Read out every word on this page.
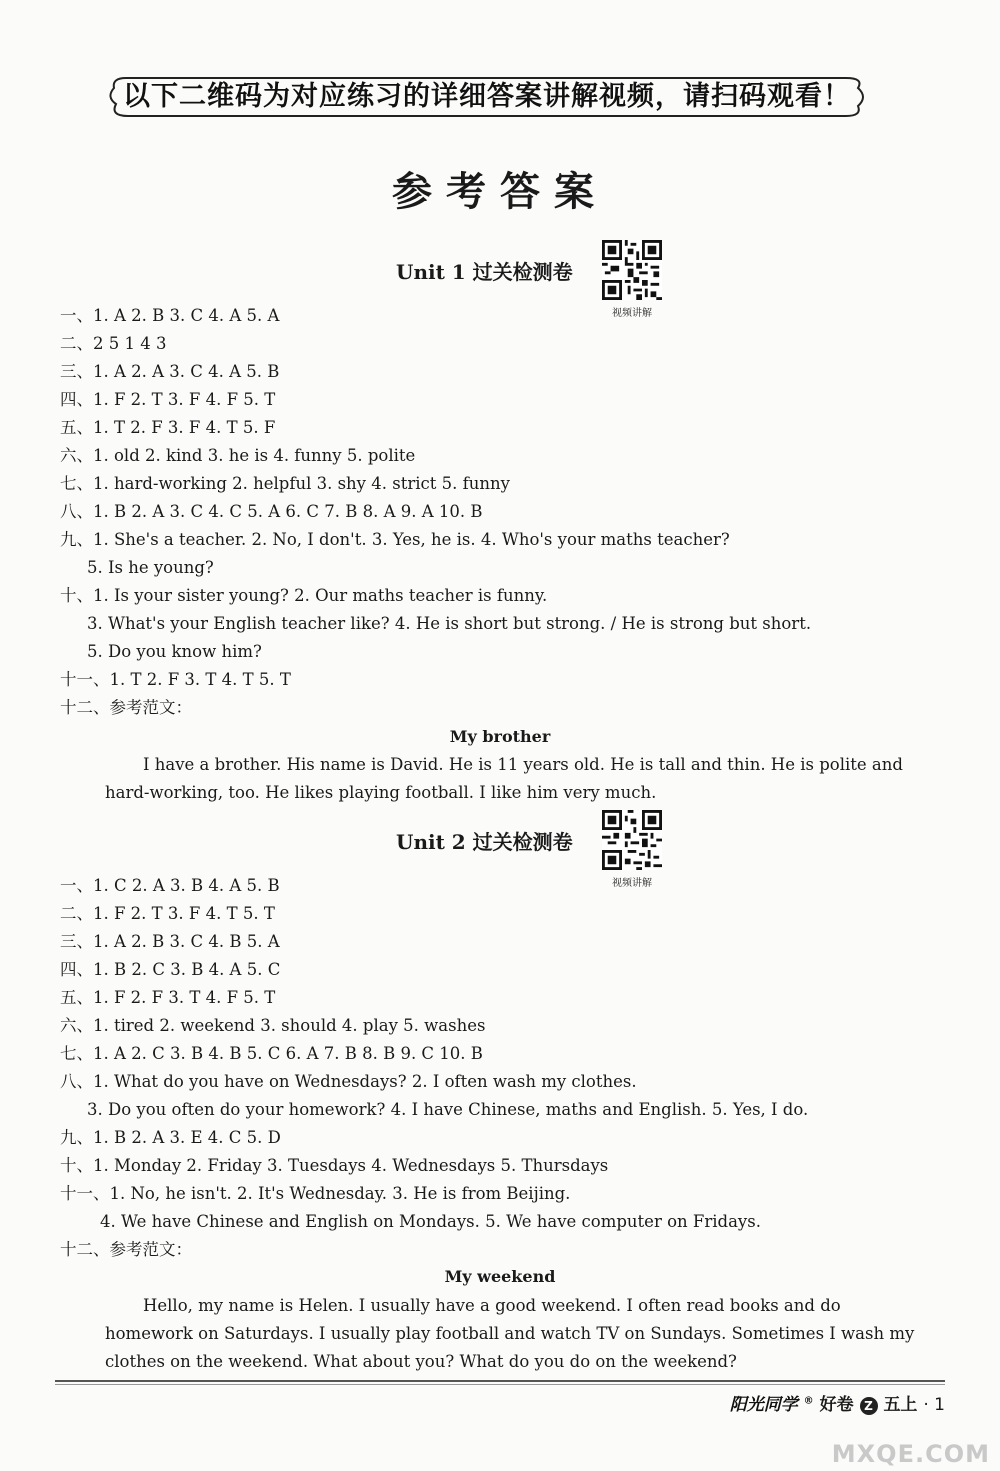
以下二维码为对应练习的详细答案讲解视频，请扫码观看！
参考答案
Unit 1 过关检测卷
视频讲解
一、1. A 2. B 3. C 4. A 5. A
二、2 5 1 4 3
三、1. A 2. A 3. C 4. A 5. B
四、1. F 2. T 3. F 4. F 5. T
五、1. T 2. F 3. F 4. T 5. F
六、1. old 2. kind 3. he is 4. funny 5. polite
七、1. hard-working 2. helpful 3. shy 4. strict 5. funny
八、1. B 2. A 3. C 4. C 5. A 6. C 7. B 8. A 9. A 10. B
九、1. She's a teacher. 2. No, I don't. 3. Yes, he is. 4. Who's your maths teacher?
5. Is he young?
十、1. Is your sister young? 2. Our maths teacher is funny.
3. What's your English teacher like? 4. He is short but strong. / He is strong but short.
5. Do you know him?
十一、1. T 2. F 3. T 4. T 5. T
十二、参考范文：
My brother
I have a brother. His name is David. He is 11 years old. He is tall and thin. He is polite and hard-working, too. He likes playing football. I like him very much.
Unit 2 过关检测卷
视频讲解
一、1. C 2. A 3. B 4. A 5. B
二、1. F 2. T 3. F 4. T 5. T
三、1. A 2. B 3. C 4. B 5. A
四、1. B 2. C 3. B 4. A 5. C
五、1. F 2. F 3. T 4. F 5. T
六、1. tired 2. weekend 3. should 4. play 5. washes
七、1. A 2. C 3. B 4. B 5. C 6. A 7. B 8. B 9. C 10. B
八、1. What do you have on Wednesdays? 2. I often wash my clothes.
3. Do you often do your homework? 4. I have Chinese, maths and English. 5. Yes, I do.
九、1. B 2. A 3. E 4. C 5. D
十、1. Monday 2. Friday 3. Tuesdays 4. Wednesdays 5. Thursdays
十一、1. No, he isn't. 2. It's Wednesday. 3. He is from Beijing.
4. We have Chinese and English on Mondays. 5. We have computer on Fridays.
十二、参考范文：
My weekend
Hello, my name is Helen. I usually have a good weekend. I often read books and do homework on Saturdays. I usually play football and watch TV on Sundays. Sometimes I wash my clothes on the weekend. What about you? What do you do on the weekend?
阳光同学 ® 好卷 Z 五上 · 1
MXQE.COM
